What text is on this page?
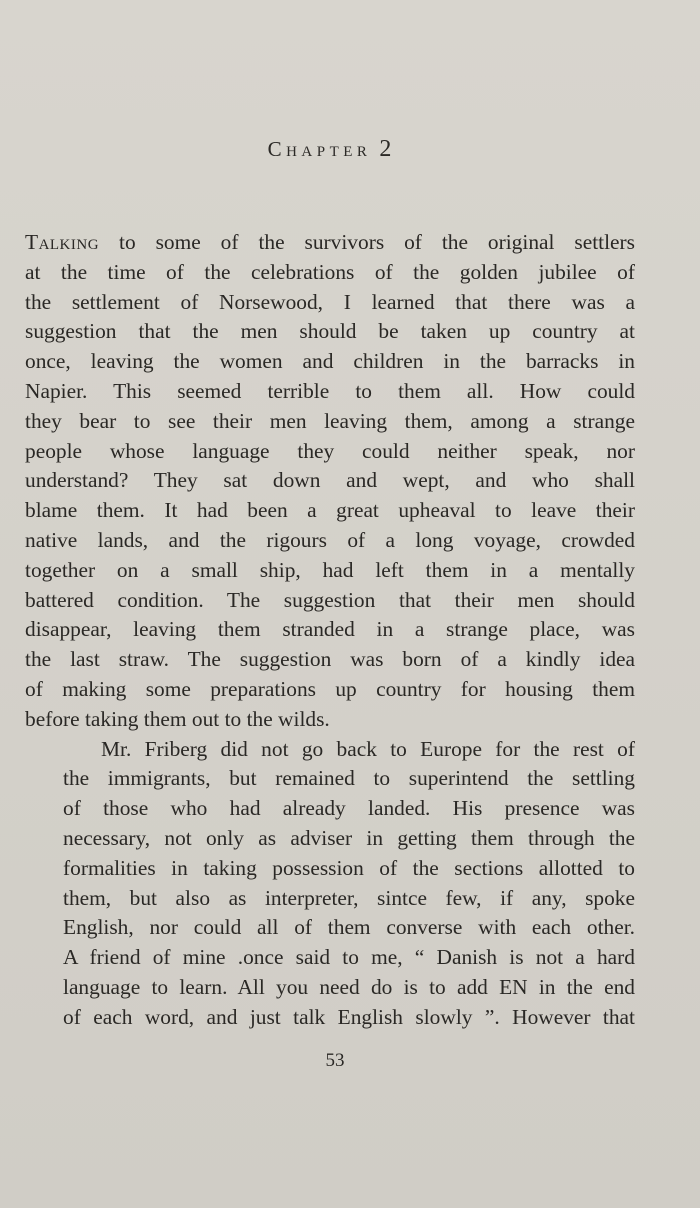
Chapter 2

Talking to some of the survivors of the original settlers
at the time of the celebrations of the golden jubilee of
the settlement of Norsewood, I learned that there was a
suggestion that the men should be taken up country at
once, leaving the women and children in the barracks in
Napier. This seemed terrible to them all. How could
they bear to see their men leaving them, among a strange
people whose language they could neither speak, nor
understand? They sat down and wept, and who shall
blame them. It had been a great upheaval to leave their
native lands, and the rigours of a long voyage, crowded
together on a small ship, had left them in a mentally
battered condition. The suggestion that their men should
disappear, leaving them stranded in a strange place, was
the last straw. The suggestion was born of a kindly idea
of making some preparations up country for housing them
before taking them out to the wilds.

Mr. Friberg did not go back to Europe for the rest of
the immigrants, but remained to superintend the settling
of those who had already landed. His presence was
necessary, not only as adviser in getting them through the
formalities in taking possession of the sections allotted to
them, but also as interpreter, sintce few, if any, spoke
English, nor could all of them converse with each other.
A friend of mine .once said to me, “ Danish is not a hard
language to learn. All you need do is to add EN in the end
of each word, and just talk English slowly ”. However that

53
